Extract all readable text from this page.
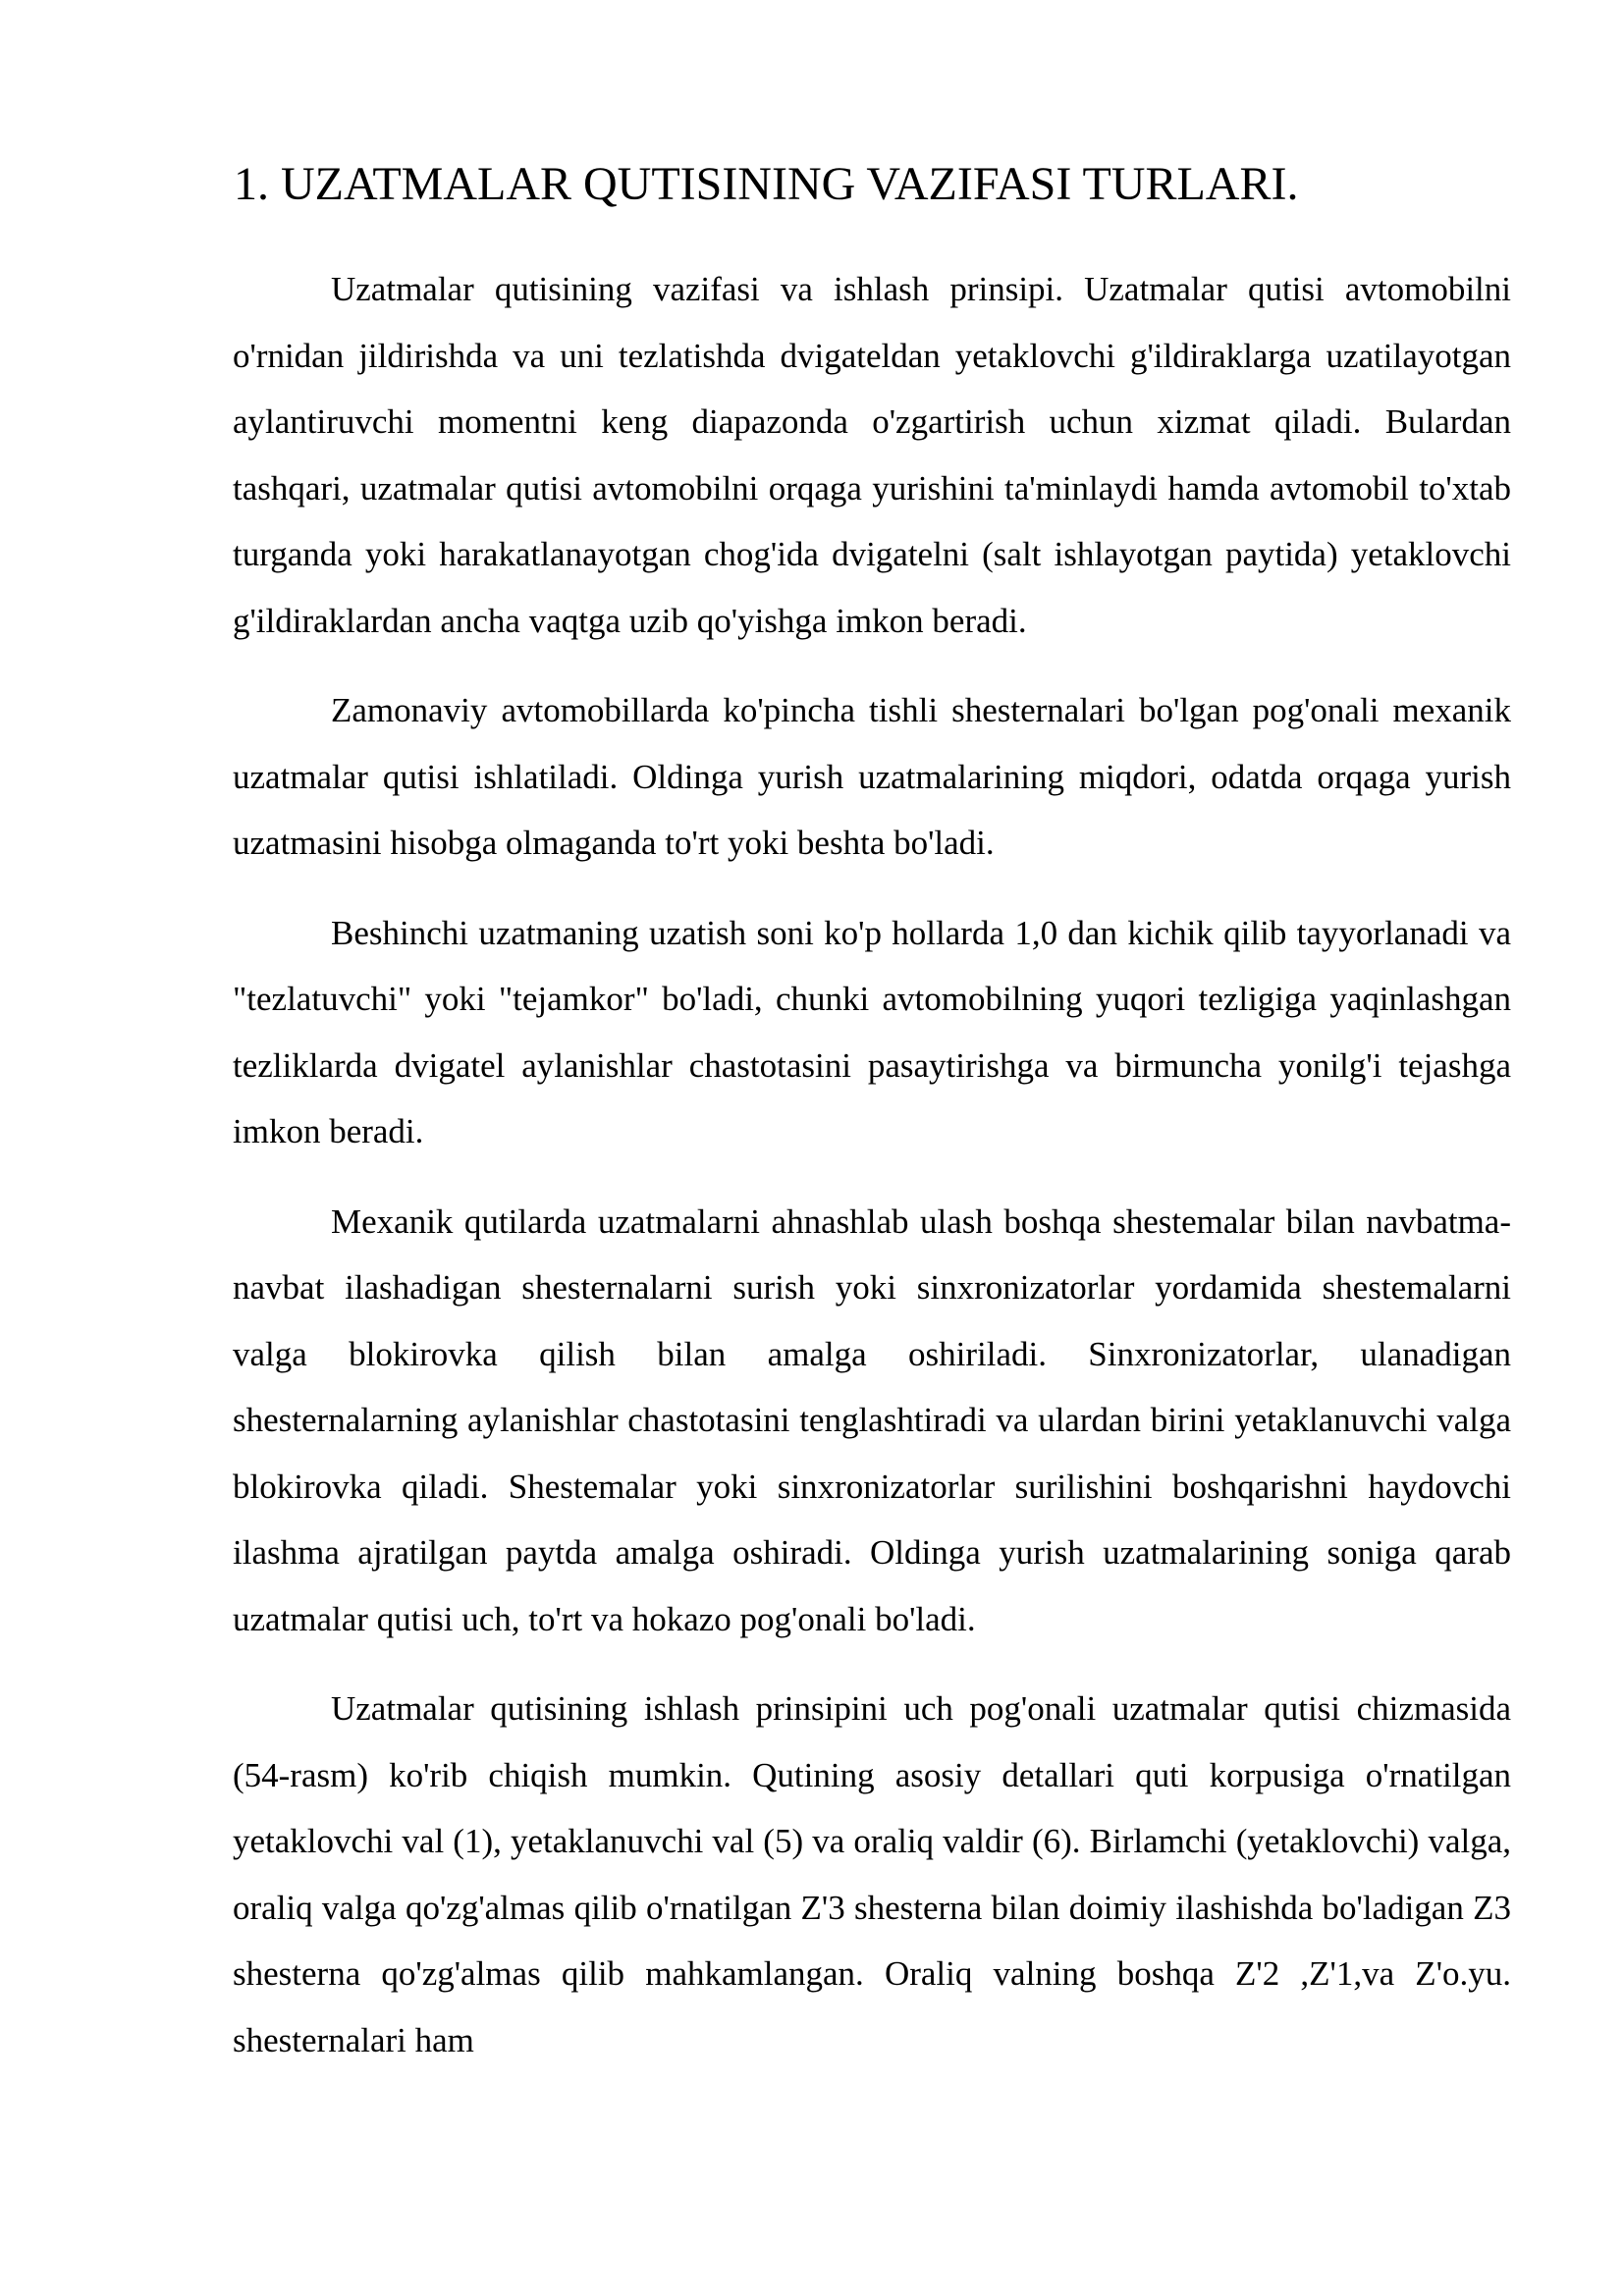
1. UZATMALAR QUTISINING VAZIFASI TURLARI.

Uzatmalar qutisining vazifasi va ishlash prinsipi. Uzatmalar qutisi avtomobilni o'rnidan jildirishda va uni tezlatishda dvigateldan yetaklovchi g'ildiraklarga uzatilayotgan aylantiruvchi momentni keng diapazonda o'zgartirish uchun xizmat qiladi. Bulardan tashqari, uzatmalar qutisi avtomobilni orqaga yurishini ta'minlaydi hamda avtomobil to'xtab turganda yoki harakatlanayotgan chog'ida dvigatelni (salt ishlayotgan paytida) yetaklovchi g'ildiraklardan ancha vaqtga uzib qo'yishga imkon beradi.

Zamonaviy avtomobillarda ko'pincha tishli shesternalari bo'lgan pog'onali mexanik uzatmalar qutisi ishlatiladi. Oldinga yurish uzatmalarining miqdori, odatda orqaga yurish uzatmasini hisobga olmaganda to'rt yoki beshta bo'ladi.

Beshinchi uzatmaning uzatish soni ko'p hollarda 1,0 dan kichik qilib tayyorlanadi va "tezlatuvchi" yoki "tejamkor" bo'ladi, chunki avtomobilning yuqori tezligiga yaqinlashgan tezliklarda dvigatel aylanishlar chastotasini pasaytirishga va birmuncha yonilg'i tejashga imkon beradi.

Mexanik qutilarda uzatmalarni ahnashlab ulash boshqa shestemalar bilan navbatma-navbat ilashadigan shesternalarni surish yoki sinxronizatorlar yordamida shestemalarni valga blokirovka qilish bilan amalga oshiriladi. Sinxronizatorlar, ulanadigan shesternalarning aylanishlar chastotasini tenglashtiradi va ulardan birini yetaklanuvchi valga blokirovka qiladi. Shestemalar yoki sinxronizatorlar surilishini boshqarishni haydovchi ilashma ajratilgan paytda amalga oshiradi. Oldinga yurish uzatmalarining soniga qarab uzatmalar qutisi uch, to'rt va hokazo pog'onali bo'ladi.

Uzatmalar qutisining ishlash prinsipini uch pog'onali uzatmalar qutisi chizmasida (54-rasm) ko'rib chiqish mumkin. Qutining asosiy detallari quti korpusiga o'rnatilgan yetaklovchi val (1), yetaklanuvchi val (5) va oraliq valdir (6). Birlamchi (yetaklovchi) valga, oraliq valga qo'zg'almas qilib o'rnatilgan Z'3 shesterna bilan doimiy ilashishda bo'ladigan Z3 shesterna qo'zg'almas qilib mahkamlangan. Oraliq valning boshqa Z'2 ,Z'1,va Z'o.yu. shesternalari ham
